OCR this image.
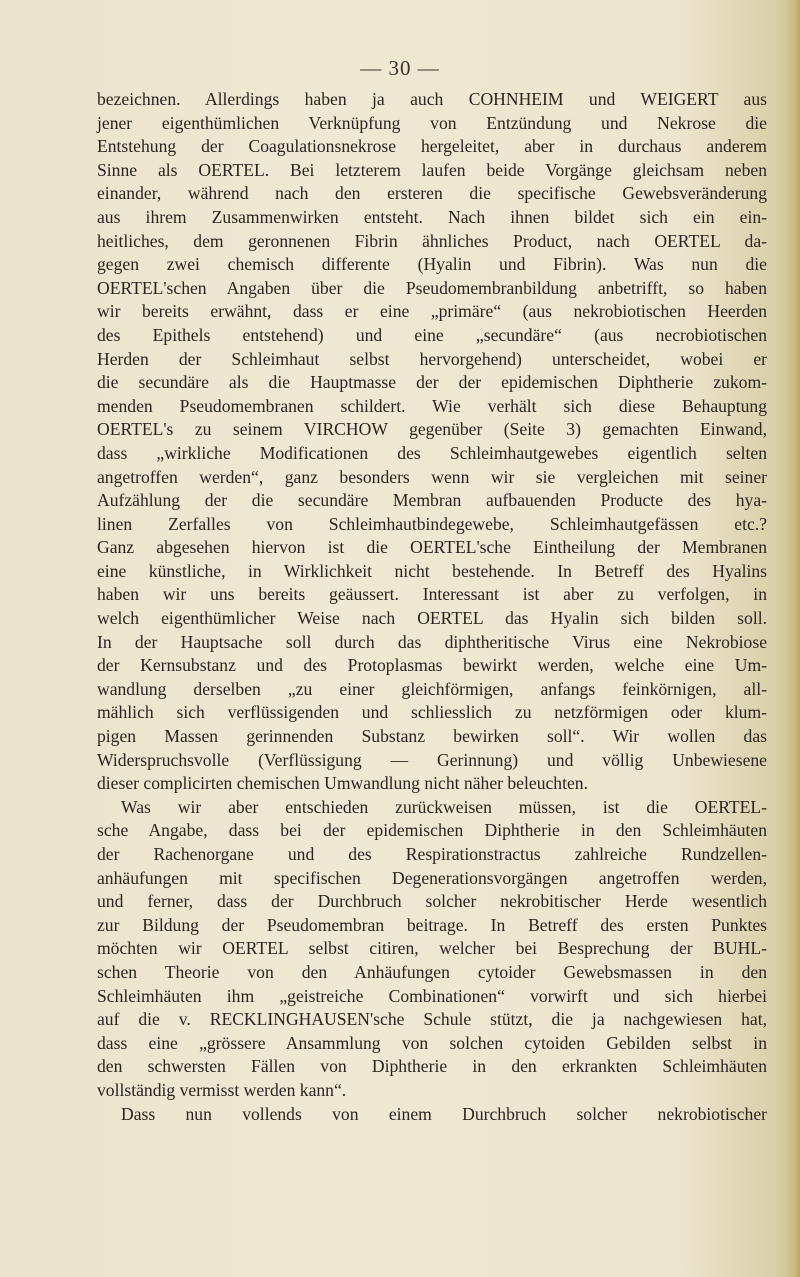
— 30 —
bezeichnen. Allerdings haben ja auch COHNHEIM und WEIGERT aus
jener eigenthümlichen Verknüpfung von Entzündung und Nekrose die
Entstehung der Coagulationsnekrose hergeleitet, aber in durchaus anderem
Sinne als OERTEL. Bei letzterem laufen beide Vorgänge gleichsam neben
einander, während nach den ersteren die specifische Gewebsveränderung
aus ihrem Zusammenwirken entsteht. Nach ihnen bildet sich ein ein-
heitliches, dem geronnenen Fibrin ähnliches Product, nach OERTEL da-
gegen zwei chemisch differente (Hyalin und Fibrin). Was nun die
OERTEL'schen Angaben über die Pseudomembranbildung anbetrifft, so haben
wir bereits erwähnt, dass er eine „primäre“ (aus nekrobiotischen Heerden
des Epithels entstehend) und eine „secundäre“ (aus necrobiotischen
Herden der Schleimhaut selbst hervorgehend) unterscheidet, wobei er
die secundäre als die Hauptmasse der der epidemischen Diphtherie zukom-
menden Pseudomembranen schildert. Wie verhält sich diese Behauptung
OERTEL's zu seinem VIRCHOW gegenüber (Seite 3) gemachten Einwand,
dass „wirkliche Modificationen des Schleimhautgewebes eigentlich selten
angetroffen werden“, ganz besonders wenn wir sie vergleichen mit seiner
Aufzählung der die secundäre Membran aufbauenden Producte des hya-
linen Zerfalles von Schleimhautbindegewebe, Schleimhautgefässen etc.?
Ganz abgesehen hiervon ist die OERTEL'sche Eintheilung der Membranen
eine künstliche, in Wirklichkeit nicht bestehende. In Betreff des Hyalins
haben wir uns bereits geäussert. Interessant ist aber zu verfolgen, in
welch eigenthümlicher Weise nach OERTEL das Hyalin sich bilden soll.
In der Hauptsache soll durch das diphtheritische Virus eine Nekrobiose
der Kernsubstanz und des Protoplasmas bewirkt werden, welche eine Um-
wandlung derselben „zu einer gleichförmigen, anfangs feinkörnigen, all-
mählich sich verflüssigenden und schliesslich zu netzförmigen oder klum-
pigen Massen gerinnenden Substanz bewirken soll“. Wir wollen das
Widerspruchsvolle (Verflüssigung — Gerinnung) und völlig Unbewiesene
dieser complicirten chemischen Umwandlung nicht näher beleuchten.
Was wir aber entschieden zurückweisen müssen, ist die OERTEL-
sche Angabe, dass bei der epidemischen Diphtherie in den Schleimhäuten
der Rachenorgane und des Respirationstractus zahlreiche Rundzellen-
anhäufungen mit specifischen Degenerationsvorgängen angetroffen werden,
und ferner, dass der Durchbruch solcher nekrobitischer Herde wesentlich
zur Bildung der Pseudomembran beitrage. In Betreff des ersten Punktes
möchten wir OERTEL selbst citiren, welcher bei Besprechung der BUHL-
schen Theorie von den Anhäufungen cytoider Gewebsmassen in den
Schleimhäuten ihm „geistreiche Combinationen“ vorwirft und sich hierbei
auf die v. RECKLINGHAUSEN'sche Schule stützt, die ja nachgewiesen hat,
dass eine „grössere Ansammlung von solchen cytoiden Gebilden selbst in
den schwersten Fällen von Diphtherie in den erkrankten Schleimhäuten
vollständig vermisst werden kann“.
Dass nun vollends von einem Durchbruch solcher nekrobiotischer
